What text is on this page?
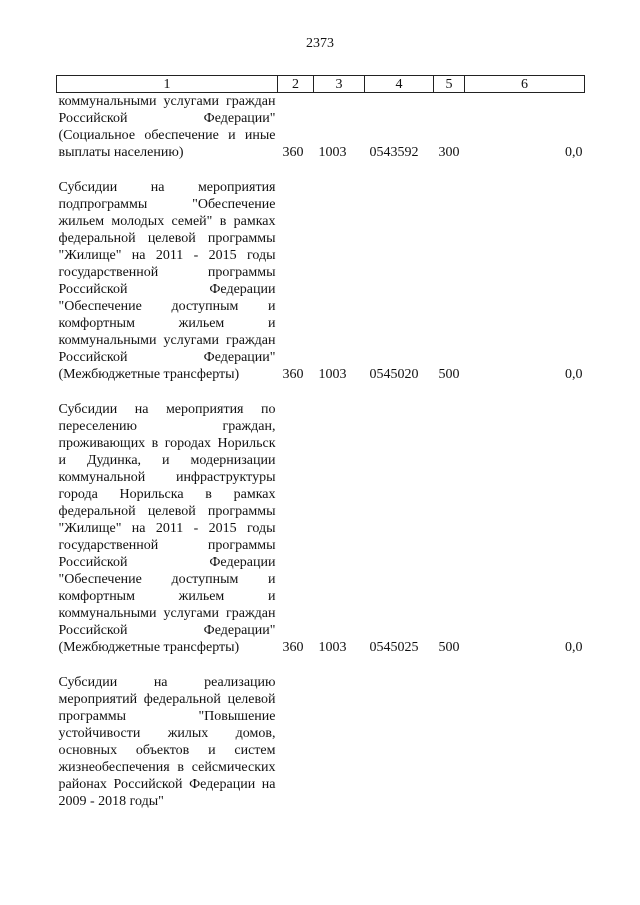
2373
1	2	3	4	5	6

коммунальными услугами граждан Российской Федерации" (Социальное обеспечение и иные выплаты населению)	360	1003	0543592	300	0,0

Субсидии на мероприятия подпрограммы "Обеспечение жильем молодых семей" в рамках федеральной целевой программы "Жилище" на 2011 - 2015 годы государственной программы Российской Федерации "Обеспечение доступным и комфортным жильем и коммунальными услугами граждан Российской Федерации" (Межбюджетные трансферты)	360	1003	0545020	500	0,0

Субсидии на мероприятия по переселению граждан, проживающих в городах Норильск и Дудинка, и модернизации коммунальной инфраструктуры города Норильска в рамках федеральной целевой программы "Жилище" на 2011 - 2015 годы государственной программы Российской Федерации "Обеспечение доступным и комфортным жильем и коммунальными услугами граждан Российской Федерации" (Межбюджетные трансферты)	360	1003	0545025	500	0,0

Субсидии на реализацию мероприятий федеральной целевой программы "Повышение устойчивости жилых домов, основных объектов и систем жизнеобеспечения в сейсмических районах Российской Федерации на 2009 - 2018 годы"					
